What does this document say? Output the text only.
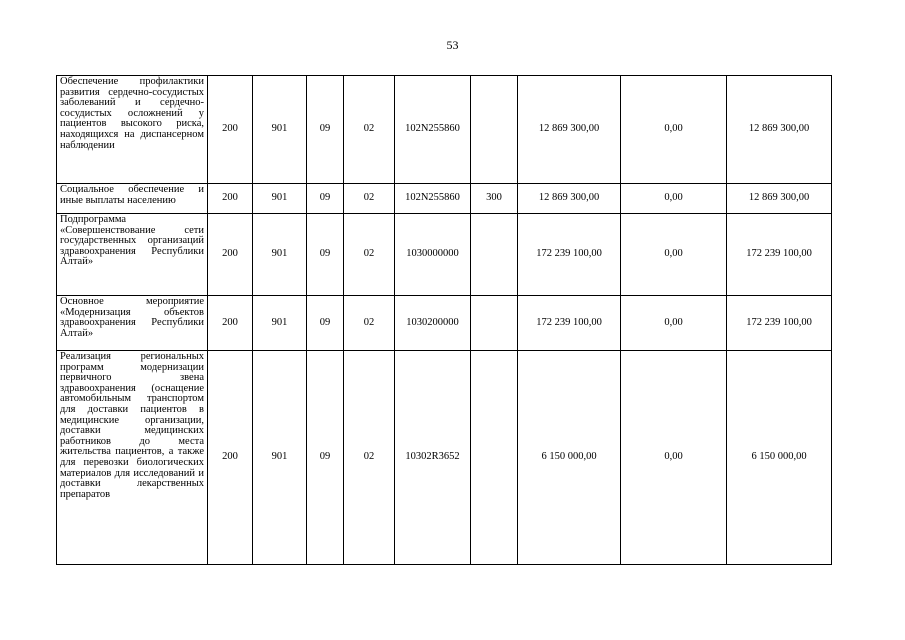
53
Обеспечение профилактики развития сердечно-сосудистых заболеваний и сердечно-сосудистых осложнений у пациентов высокого риска, находящихся на диспансерном наблюдении	200	901	09	02	102N255860		12 869 300,00	0,00	12 869 300,00
Социальное обеспечение и иные выплаты населению	200	901	09	02	102N255860	300	12 869 300,00	0,00	12 869 300,00
Подпрограмма «Совершенствование сети государственных организаций здравоохранения Республики Алтай»	200	901	09	02	1030000000		172 239 100,00	0,00	172 239 100,00
Основное мероприятие «Модернизация объектов здравоохранения Республики Алтай»	200	901	09	02	1030200000		172 239 100,00	0,00	172 239 100,00
Реализация региональных программ модернизации первичного звена здравоохранения (оснащение автомобильным транспортом для доставки пациентов в медицинские организации, доставки медицинских работников до места жительства пациентов, а также для перевозки биологических материалов для исследований и доставки лекарственных препаратов	200	901	09	02	10302R3652		6 150 000,00	0,00	6 150 000,00
